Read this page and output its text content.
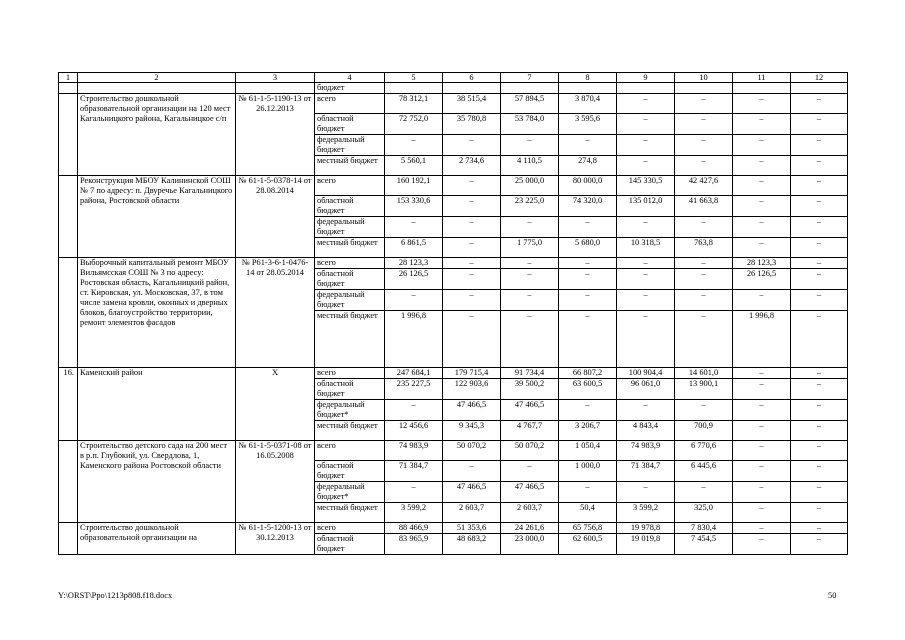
1	2	3	4	5	6	7	8	9	10	11	12
			бюджет								
	Строительство дошкольной образовательной организации на 120 мест Кагальницкого района, Кагальницкое с/п	№ 61-1-5-1190-13 от 26.12.2013	всего	78 312,1	38 515,4	57 894,5	3 870,4	–	–	–	–
			областной бюджет	72 752,0	35 780,8	53 784,0	3 595,6	–	–	–	–
			федеральный бюджет	–	–	–	–	–	–	–	–
			местный бюджет	5 560,1	2 734,6	4 110,5	274,8	–	–	–	–
	Реконструкция МБОУ Калининской СОШ № 7 по адресу: п. Двуречье Кагальницкого района, Ростовской области	№ 61-1-5-0378-14 от 28.08.2014	всего	160 192,1	–	25 000,0	80 000,0	145 330,5	42 427,6	–	–
			областной бюджет	153 330,6	–	23 225,0	74 320,0	135 012,0	41 663,8	–	–
			федеральный бюджет	–	–	–	–	–	–	–	–
			местный бюджет	6 861,5	–	1 775,0	5 680,0	10 318,5	763,8	–	–
	Выборочный капитальный ремонт МБОУ Вильямсская СОШ № 3 по адресу: Ростовская область, Кагальницкий район, ст. Кировская, ул. Московская, 37, в том числе замена кровли, оконных и дверных блоков, благоустройство территории, ремонт элементов фасадов	№ Р61-3-6-1-0476-14 от 28.05.2014	всего	28 123,3	–	–	–	–	–	28 123,3	–
			областной бюджет	26 126,5	–	–	–	–	–	26 126,5	–
			федеральный бюджет	–	–	–	–	–	–	–	–
			местный бюджет	1 996,8	–	–	–	–	–	1 996,8	–
16.	Каменский район	Х	всего	247 684,1	179 715,4	91 734,4	66 807,2	100 904,4	14 601,0	–	–
			областной бюджет	235 227,5	122 903,6	39 500,2	63 600,5	96 061,0	13 900,1	–	–
			федеральный бюджет*	–	47 466,5	47 466,5	–	–	–	–	–
			местный бюджет	12 456,6	9 345,3	4 767,7	3 206,7	4 843,4	700,9	–	–
	Строительство детского сада на 200 мест в р.п. Глубокий, ул. Свердлова, 1, Каменского района Ростовской области	№ 61-1-5-0371-08 от 16.05.2008	всего	74 983,9	50 070,2	50 070,2	1 050,4	74 983,9	6 770,6	–	–
			областной бюджет	71 384,7	–	–	1 000,0	71 384,7	6 445,6	–	–
			федеральный бюджет*	–	47 466,5	47 466,5	–	–	–	–	–
			местный бюджет	3 599,2	2 603,7	2 603,7	50,4	3 599,2	325,0	–	–
	Строительство дошкольной образовательной организации на	№ 61-1-5-1200-13 от 30.12.2013	всего	88 466,9	51 353,6	24 261,6	65 756,8	19 978,8	7 830,4	–	–
			областной бюджет	83 965,9	48 683,2	23 000,0	62 600,5	19 019,8	7 454,5	–	–
Y:\ORST\Ppo\1213p808.f18.docx	50
